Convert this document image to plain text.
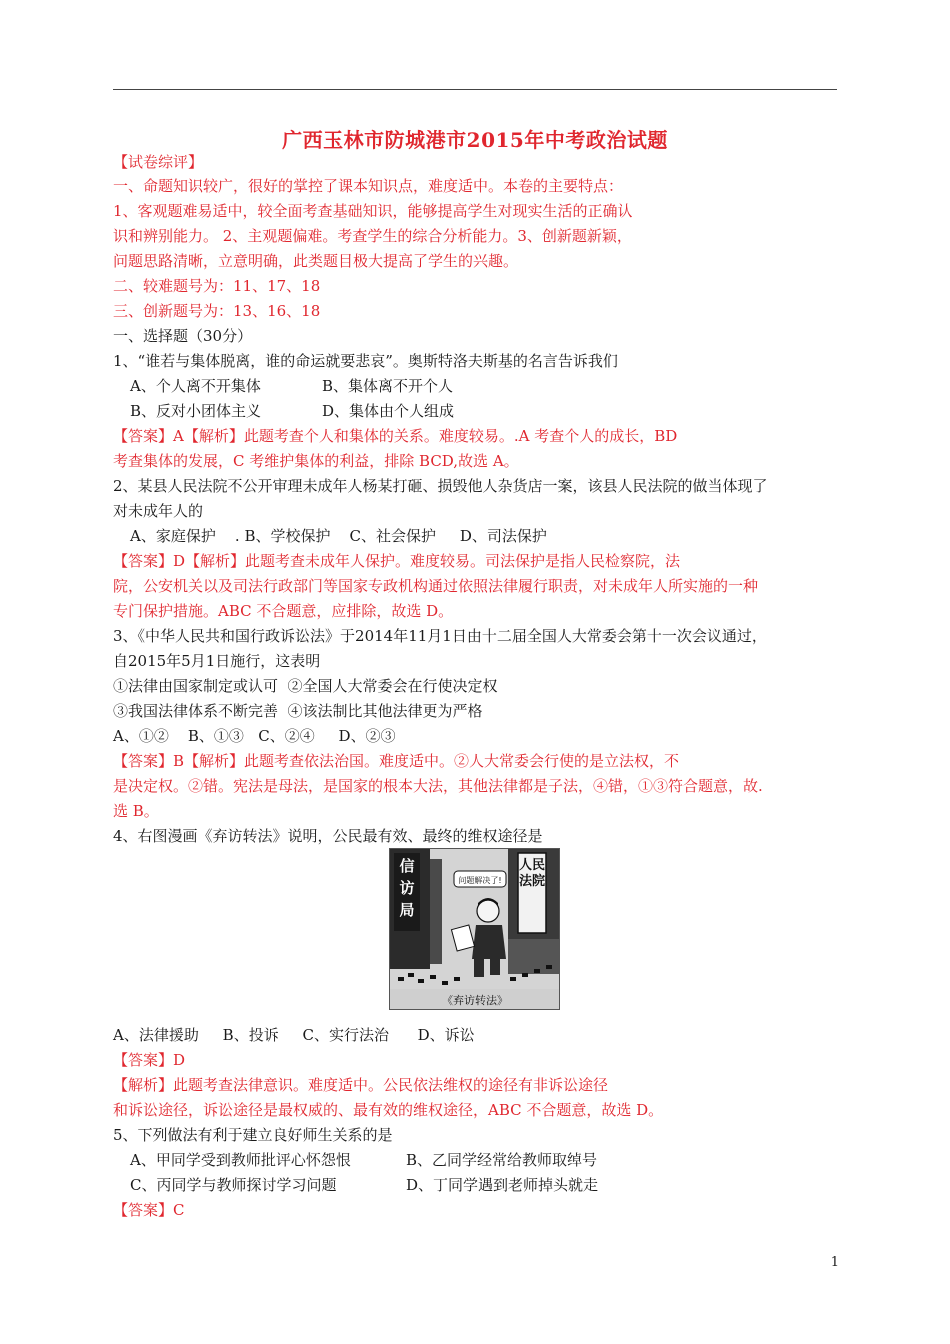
广西玉林市防城港市2015年中考政治试题
【试卷综评】
一、命题知识较广，很好的掌控了课本知识点，难度适中。本卷的主要特点：
1、客观题难易适中，较全面考查基础知识，能够提高学生对现实生活的正确认
识和辨别能力。 2、主观题偏难。考查学生的综合分析能力。3、创新题新颖，
问题思路清晰，立意明确，此类题目极大提高了学生的兴趣。
二、较难题号为：11、17、18
三、创新题号为：13、16、18
一、选择题（30分）
1、“谁若与集体脱离，谁的命运就要悲哀”。奥斯特洛夫斯基的名言告诉我们
A、个人离不开集体	B、集体离不开个人
B、反对小团体主义	D、集体由个人组成
【答案】A【解析】此题考查个人和集体的关系。难度较易。.A 考查个人的成长，BD
考查集体的发展，C 考维护集体的利益，排除 BCD,故选 A。
2、某县人民法院不公开审理未成年人杨某打砸、损毁他人杂货店一案，该县人民法院的做当体现了
对未成年人的
A、家庭保护    . B、学校保护    C、社会保护     D、司法保护
【答案】D【解析】此题考查未成年人保护。难度较易。司法保护是指人民检察院，法
院，公安机关以及司法行政部门等国家专政机构通过依照法律履行职责，对未成年人所实施的一种
专门保护措施。ABC 不合题意，应排除，故选 D。
3、《中华人民共和国行政诉讼法》于2014年11月1日由十二届全国人大常委会第十一次会议通过，
自2015年5月1日施行，这表明
①法律由国家制定或认可  ②全国人大常委会在行使决定权
③我国法律体系不断完善  ④该法制比其他法律更为严格
A、①②    B、①③   C、②④     D、②③
【答案】B【解析】此题考查依法治国。难度适中。②人大常委会行使的是立法权，不
是决定权。②错。宪法是母法，是国家的根本大法，其他法律都是子法，④错，①③符合题意，故.
选 B。
4、右图漫画《弃访转法》说明，公民最有效、最终的维权途径是
信
访
局
人民
法院
问题解决了!
《弃访转法》
A、法律援助     B、投诉     C、实行法治      D、诉讼
【答案】D
【解析】此题考查法律意识。难度适中。公民依法维权的途径有非诉讼途径
和诉讼途径，诉讼途径是最权威的、最有效的维权途径，ABC 不合题意，故选 D。
5、下列做法有利于建立良好师生关系的是
A、甲同学受到教师批评心怀怨恨	B、乙同学经常给教师取绰号
C、丙同学与教师探讨学习问题	D、丁同学遇到老师掉头就走
【答案】C
1
